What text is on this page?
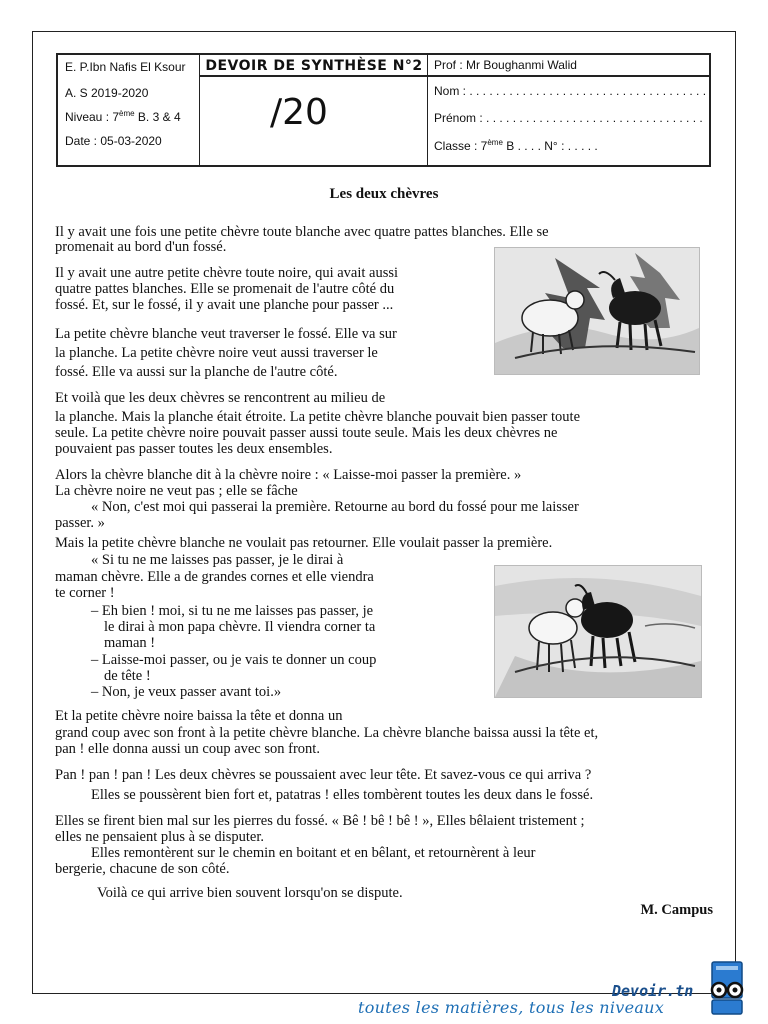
E. P.Ibn Nafis El Ksour
A. S 2019-2020
Niveau : 7ème B. 3 & 4
Date : 05-03-2020
DEVOIR DE SYNTHÈSE N°2
/20
Prof : Mr Boughanmi Walid
Nom : . . . . . . . . . . . . . . . . . . . . . . . . . . . . . . . . . . . .
Prénom : . . . . . . . . . . . . . . . . . . . . . . . . . . . . . . . . .
Classe : 7ème B . . . . N° : . . . . .
Les deux chèvres
Il y avait une fois une petite chèvre toute blanche avec quatre pattes blanches. Elle se
promenait au bord d'un fossé.
Il y avait une autre petite chèvre toute noire, qui avait aussi
quatre pattes blanches. Elle se promenait de l'autre côté du
fossé. Et, sur le fossé, il y avait une planche pour passer ...
La petite chèvre blanche veut traverser le fossé. Elle va sur
la planche. La petite chèvre noire veut aussi traverser le
fossé. Elle va aussi sur la planche de l'autre côté.
Et voilà que les deux chèvres se rencontrent au milieu de
la planche. Mais la planche était étroite. La petite chèvre blanche pouvait bien passer toute
seule. La petite chèvre noire pouvait passer aussi toute seule. Mais les deux chèvres ne
pouvaient pas passer toutes les deux ensembles.
Alors la chèvre blanche dit à la chèvre noire : « Laisse-moi passer la première. »
La chèvre noire ne veut pas ; elle se fâche
« Non, c'est moi qui passerai la première. Retourne au bord du fossé pour me laisser
passer. »
Mais la petite chèvre blanche ne voulait pas retourner. Elle voulait passer la première.
« Si tu ne me laisses pas passer, je le dirai à
maman chèvre. Elle a de grandes cornes et elle viendra
te corner !
– Eh bien ! moi, si tu ne me laisses pas passer, je
le dirai à mon papa chèvre. Il viendra corner ta
maman !
– Laisse-moi passer, ou je vais te donner un coup
de tête !
– Non, je veux passer avant toi.»
Et la petite chèvre noire baissa la tête et donna un
grand coup avec son front à la petite chèvre blanche. La chèvre blanche baissa aussi la tête et,
pan ! elle donna aussi un coup avec son front.
Pan ! pan ! pan ! Les deux chèvres se poussaient avec leur tête. Et savez-vous ce qui arriva ?
Elles se poussèrent bien fort et, patatras ! elles tombèrent toutes les deux dans le fossé.
Elles se firent bien mal sur les pierres du fossé. « Bê ! bê ! bê ! », Elles bêlaient tristement ;
elles ne pensaient plus à se disputer.
Elles remontèrent sur le chemin en boitant et en bêlant, et retournèrent à leur
bergerie, chacune de son côté.
Voilà ce qui arrive bien souvent lorsqu'on se dispute.
M. Campus
Devoir.tn
toutes les matières, tous les niveaux
